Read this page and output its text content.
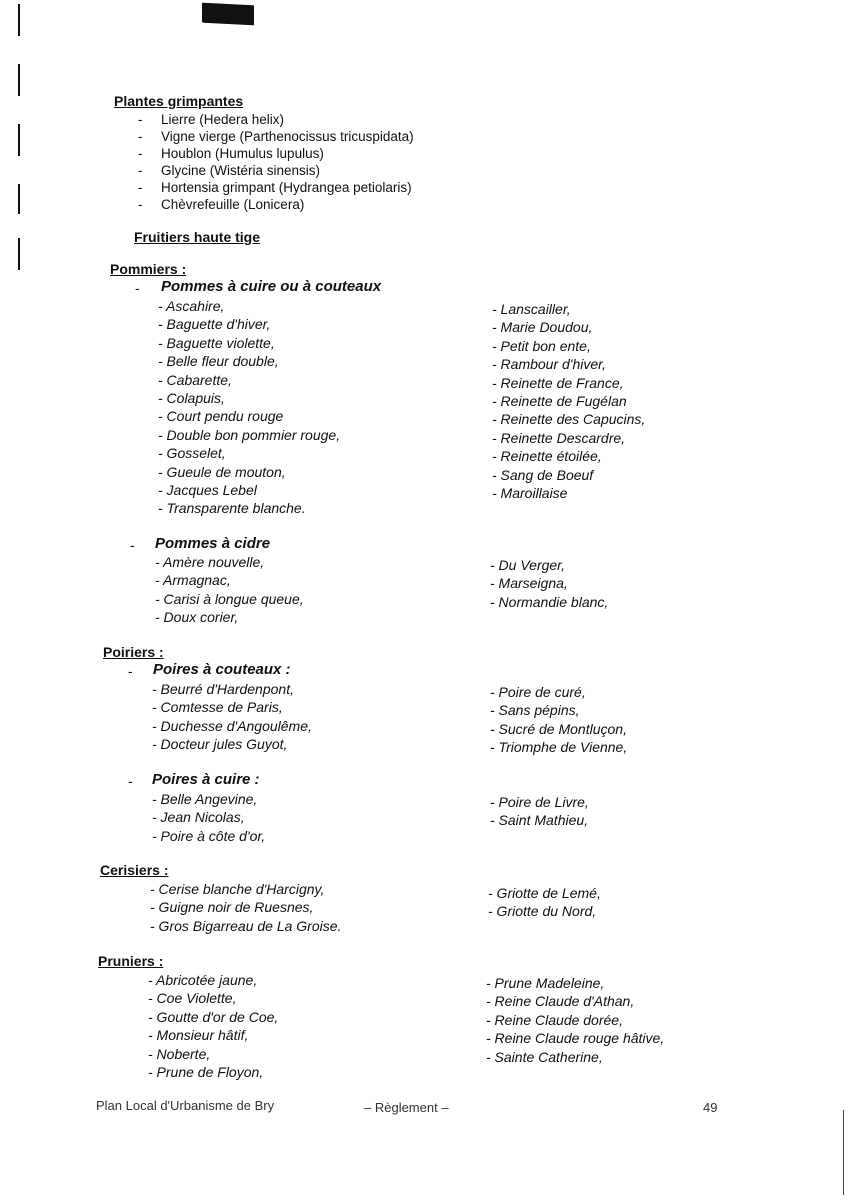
Plantes grimpantes
- Lierre (Hedera helix)
- Vigne vierge (Parthenocissus tricuspidata)
- Houblon (Humulus lupulus)
- Glycine (Wistéria sinensis)
- Hortensia grimpant (Hydrangea petiolaris)
- Chèvrefeuille (Lonicera)
Fruitiers haute tige
Pommiers :
- Pommes à cuire ou à couteaux
- Ascahire,
- Baguette d'hiver,
- Baguette violette,
- Belle fleur double,
- Cabarette,
- Colapuis,
- Court pendu rouge
- Double bon pommier rouge,
- Gosselet,
- Gueule de mouton,
- Jacques Lebel
- Transparente blanche.
- Lanscailler,
- Marie Doudou,
- Petit bon ente,
- Rambour d'hiver,
- Reinette de France,
- Reinette de Fugélan
- Reinette des Capucins,
- Reinette Descardre,
- Reinette étoilée,
- Sang de Boeuf
- Maroillaise
- Pommes à cidre
- Amère nouvelle,
- Armagnac,
- Carisi à longue queue,
- Doux corier,
- Du Verger,
- Marseigna,
- Normandie blanc,
Poiriers :
- Poires à couteaux :
- Beurré d'Hardenpont,
- Comtesse de Paris,
- Duchesse d'Angoulême,
- Docteur jules Guyot,
- Poire de curé,
- Sans pépins,
- Sucré de Montluçon,
- Triomphe de Vienne,
- Poires à cuire :
- Belle Angevine,
- Jean Nicolas,
- Poire à côte d'or,
- Poire de Livre,
- Saint Mathieu,
Cerisiers :
- Cerise blanche d'Harcigny,
- Guigne noir de Ruesnes,
- Gros Bigarreau de La Groise.
- Griotte de Lemé,
- Griotte du Nord,
Pruniers :
- Abricotée jaune,
- Coe Violette,
- Goutte d'or de Coe,
- Monsieur hâtif,
- Noberte,
- Prune de Floyon,
- Prune Madeleine,
- Reine Claude d'Athan,
- Reine Claude dorée,
- Reine Claude rouge hâtive,
- Sainte Catherine,
Plan Local d'Urbanisme de Bry	– Règlement –	49
